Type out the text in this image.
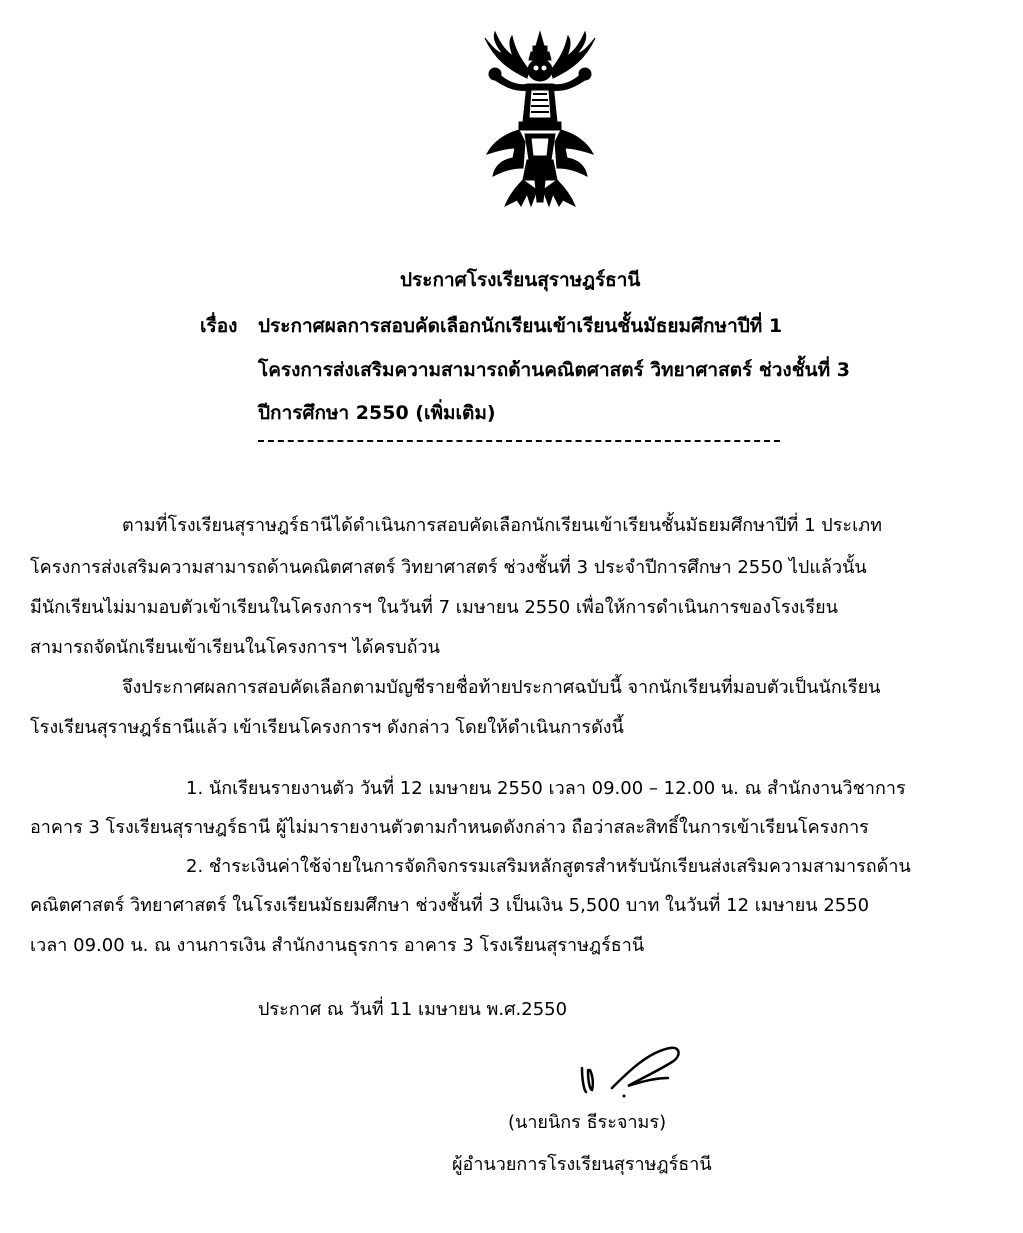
ประกาศโรงเรียนสุราษฎร์ธานี
เรื่อง ประกาศผลการสอบคัดเลือกนักเรียนเข้าเรียนชั้นมัธยมศึกษาปีที่ 1
โครงการส่งเสริมความสามารถด้านคณิตศาสตร์ วิทยาศาสตร์ ช่วงชั้นที่ 3
ปีการศึกษา 2550 (เพิ่มเติม)
ตามที่โรงเรียนสุราษฎร์ธานีได้ดำเนินการสอบคัดเลือกนักเรียนเข้าเรียนชั้นมัธยมศึกษาปีที่ 1 ประเภท
โครงการส่งเสริมความสามารถด้านคณิตศาสตร์ วิทยาศาสตร์ ช่วงชั้นที่ 3 ประจำปีการศึกษา 2550 ไปแล้วนั้น
มีนักเรียนไม่มามอบตัวเข้าเรียนในโครงการฯ ในวันที่ 7 เมษายน 2550 เพื่อให้การดำเนินการของโรงเรียน
สามารถจัดนักเรียนเข้าเรียนในโครงการฯ ได้ครบถ้วน
จึงประกาศผลการสอบคัดเลือกตามบัญชีรายชื่อท้ายประกาศฉบับนี้ จากนักเรียนที่มอบตัวเป็นนักเรียน
โรงเรียนสุราษฎร์ธานีแล้ว เข้าเรียนโครงการฯ ดังกล่าว โดยให้ดำเนินการดังนี้
1. นักเรียนรายงานตัว วันที่ 12 เมษายน 2550 เวลา 09.00 – 12.00 น. ณ สำนักงานวิชาการ
อาคาร 3 โรงเรียนสุราษฎร์ธานี ผู้ไม่มารายงานตัวตามกำหนดดังกล่าว ถือว่าสละสิทธิ์ในการเข้าเรียนโครงการ
2. ชำระเงินค่าใช้จ่ายในการจัดกิจกรรมเสริมหลักสูตรสำหรับนักเรียนส่งเสริมความสามารถด้าน
คณิตศาสตร์ วิทยาศาสตร์ ในโรงเรียนมัธยมศึกษา ช่วงชั้นที่ 3 เป็นเงิน 5,500 บาท ในวันที่ 12 เมษายน 2550
เวลา 09.00 น. ณ งานการเงิน สำนักงานธุรการ อาคาร 3 โรงเรียนสุราษฎร์ธานี
ประกาศ ณ วันที่ 11 เมษายน พ.ศ.2550
(นายนิกร ธีระจามร)
ผู้อำนวยการโรงเรียนสุราษฎร์ธานี
